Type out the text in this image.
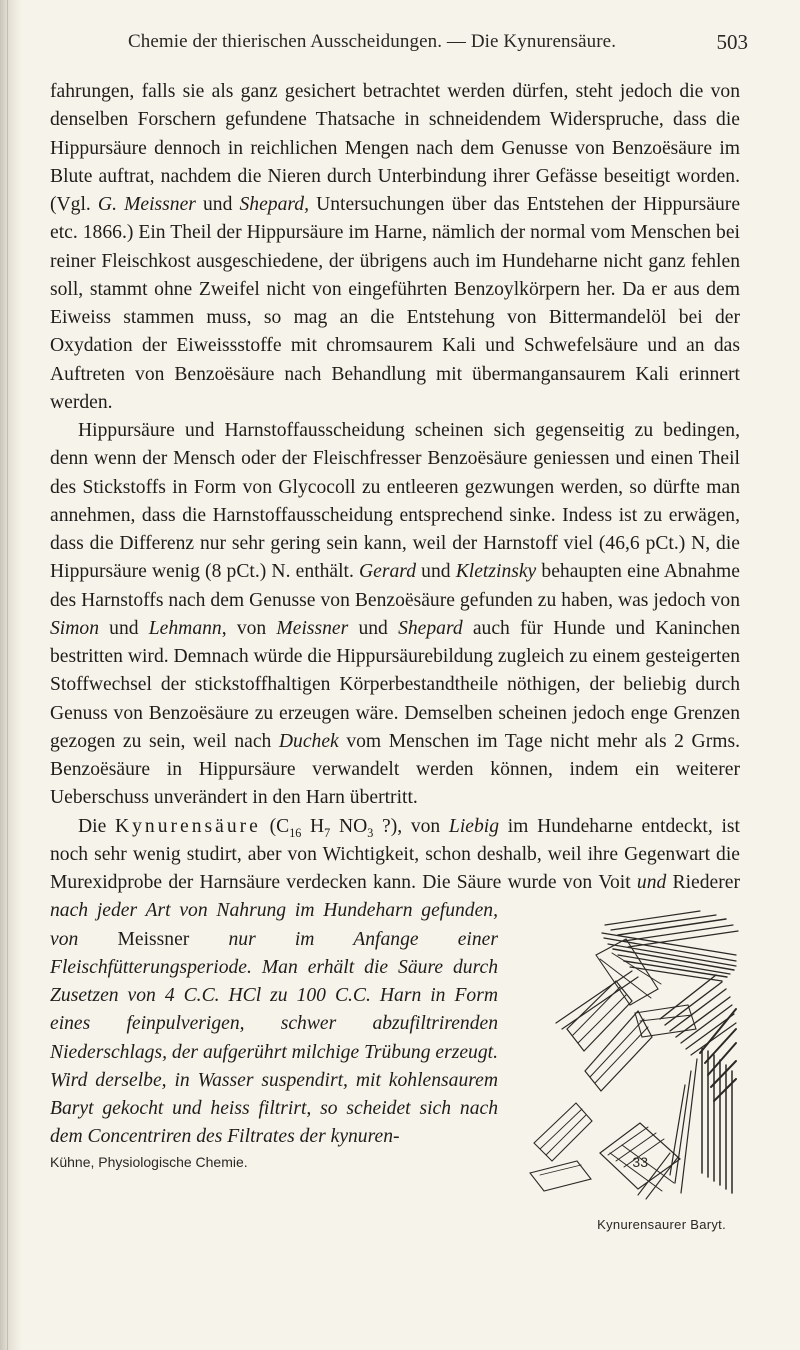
Chemie der thierischen Ausscheidungen. — Die Kynurensäure.	503

fahrungen, falls sie als ganz gesichert betrachtet werden dürfen, steht jedoch die von denselben Forschern gefundene Thatsache in schneidendem Widerspruche, dass die Hippursäure dennoch in reichlichen Mengen nach dem Genusse von Benzoësäure im Blute auftrat, nachdem die Nieren durch Unterbindung ihrer Gefässe beseitigt worden. (Vgl. G. Meissner und Shepard, Untersuchungen über das Entstehen der Hippursäure etc. 1866.) Ein Theil der Hippursäure im Harne, nämlich der normal vom Menschen bei reiner Fleischkost ausgeschiedene, der übrigens auch im Hundeharne nicht ganz fehlen soll, stammt ohne Zweifel nicht von eingeführten Benzoylkörpern her. Da er aus dem Eiweiss stammen muss, so mag an die Entstehung von Bittermandelöl bei der Oxydation der Eiweissstoffe mit chromsaurem Kali und Schwefelsäure und an das Auftreten von Benzoësäure nach Behandlung mit übermangansaurem Kali erinnert werden.

Hippursäure und Harnstoffausscheidung scheinen sich gegenseitig zu bedingen, denn wenn der Mensch oder der Fleischfresser Benzoësäure geniessen und einen Theil des Stickstoffs in Form von Glycocoll zu entleeren gezwungen werden, so dürfte man annehmen, dass die Harnstoffausscheidung entsprechend sinke. Indess ist zu erwägen, dass die Differenz nur sehr gering sein kann, weil der Harnstoff viel (46,6 pCt.) N, die Hippursäure wenig (8 pCt.) N. enthält. Gerard und Kletzinsky behaupten eine Abnahme des Harnstoffs nach dem Genusse von Benzoësäure gefunden zu haben, was jedoch von Simon und Lehmann, von Meissner und Shepard auch für Hunde und Kaninchen bestritten wird. Demnach würde die Hippursäurebildung zugleich zu einem gesteigerten Stoffwechsel der stickstoffhaltigen Körperbestandtheile nöthigen, der beliebig durch Genuss von Benzoësäure zu erzeugen wäre. Demselben scheinen jedoch enge Grenzen gezogen zu sein, weil nach Duchek vom Menschen im Tage nicht mehr als 2 Grms. Benzoësäure in Hippursäure verwandelt werden können, indem ein weiterer Ueberschuss unverändert in den Harn übertritt.

Die Kynurensäure ($C_{16}$ $H_7$ $NO_3$ ?), von Liebig im Hundeharne entdeckt, ist noch sehr wenig studirt, aber von Wichtigkeit, schon deshalb, weil ihre Gegenwart die Murexidprobe der Harnsäure verdecken kann. Die Säure wurde von
Kynurensaurer Baryt.
Voit und Riederer nach jeder Art von Nahrung im Hundeharn gefunden, von Meissner nur im Anfange einer Fleischfütterungsperiode. Man erhält die Säure durch Zusetzen von 4 C.C. HCl zu 100 C.C. Harn in Form eines feinpulverigen, schwer abzufiltrirenden Niederschlags, der aufgerührt milchige Trübung erzeugt. Wird derselbe, in Wasser suspendirt, mit kohlensaurem Baryt gekocht und heiss filtrirt, so scheidet sich nach dem Concentriren des Filtrates der kynuren-

Kühne, Physiologische Chemie.	33
